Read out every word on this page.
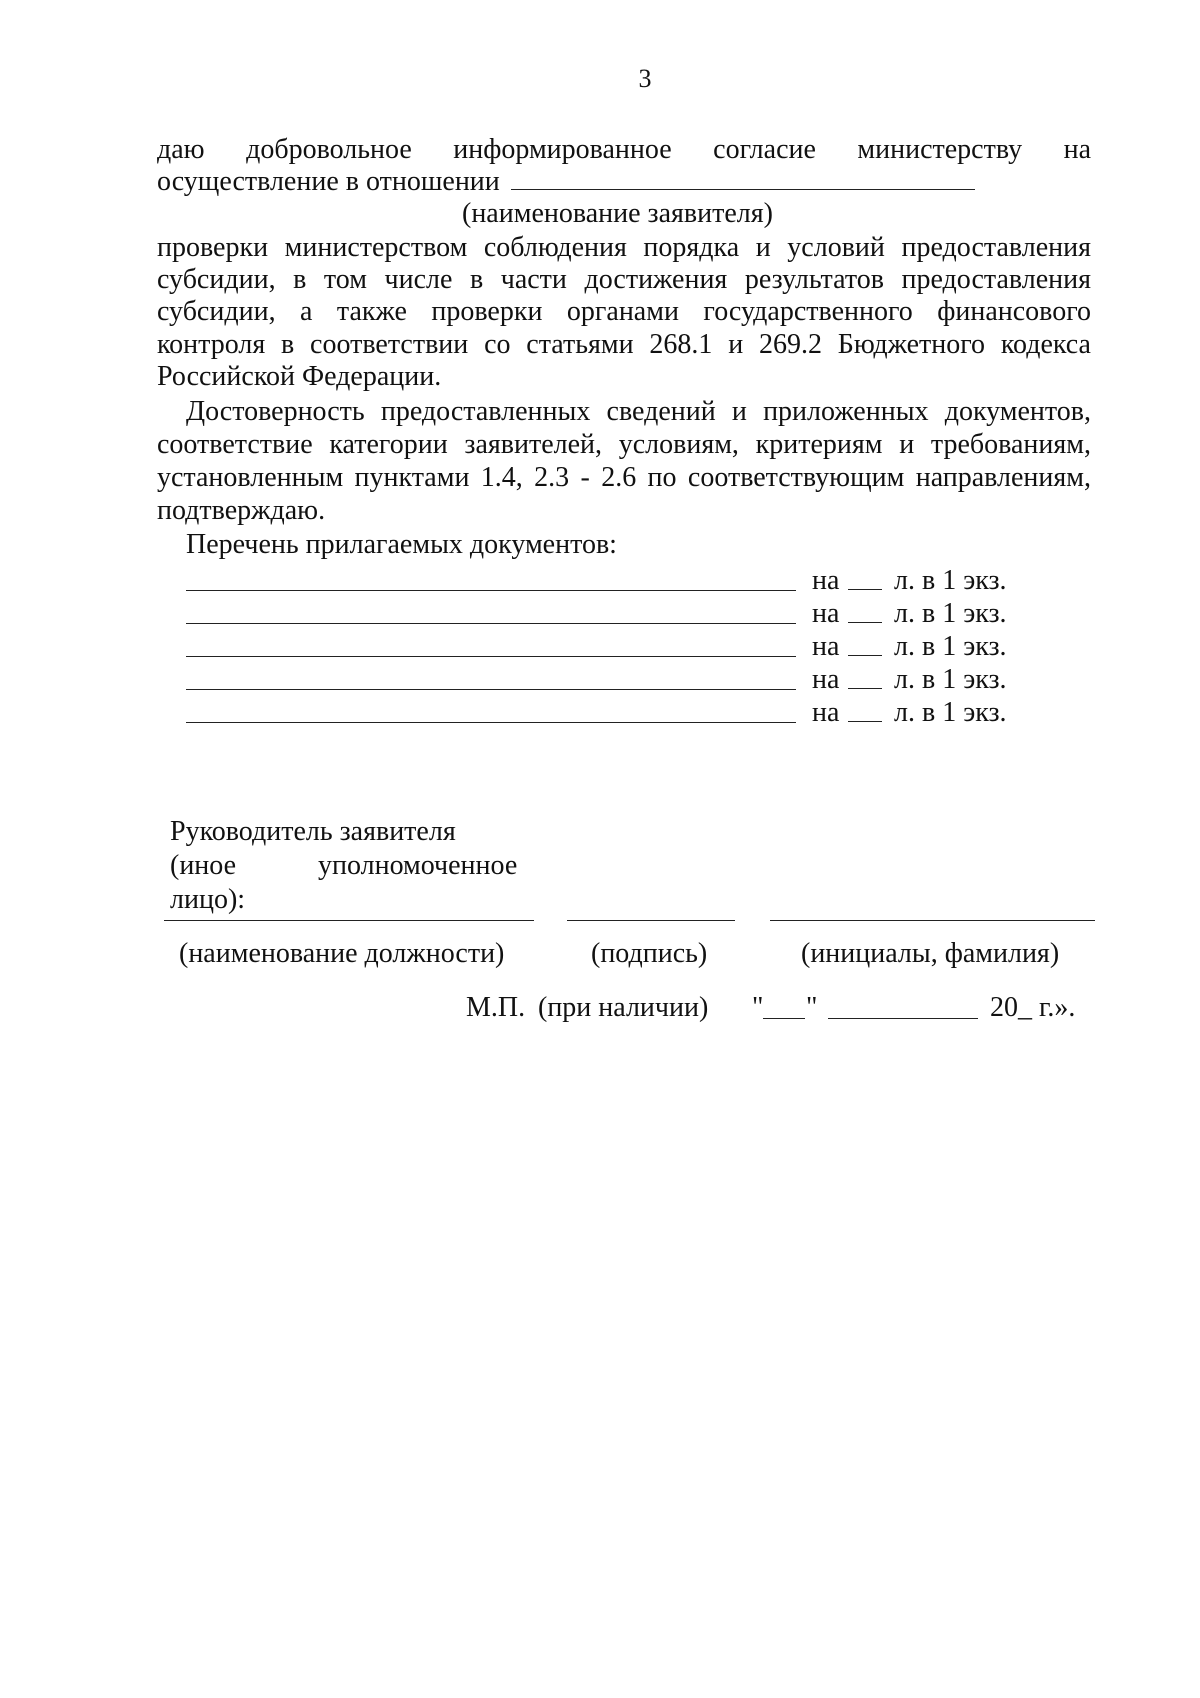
3
даю добровольное информированное согласие министерству на
осуществление в отношении
(наименование заявителя)
проверки министерством соблюдения порядка и условий предоставления
субсидии, в том числе в части достижения результатов предоставления
субсидии, а также проверки органами государственного финансового
контроля в соответствии со статьями 268.1 и 269.2 Бюджетного кодекса
Российской Федерации.
Достоверность предоставленных сведений и приложенных документов,
соответствие категории заявителей, условиям, критериям и требованиям,
установленным пунктами 1.4, 2.3 - 2.6 по соответствующим направлениям,
подтверждаю.
Перечень прилагаемых документов:
на л. в 1 экз.
на л. в 1 экз.
на л. в 1 экз.
на л. в 1 экз.
на л. в 1 экз.
Руководитель заявителя
(иное	уполномоченное
лицо):
(наименование должности)	(подпись)	(инициалы, фамилия)
М.П. (при наличии) " "	20_ г.».
